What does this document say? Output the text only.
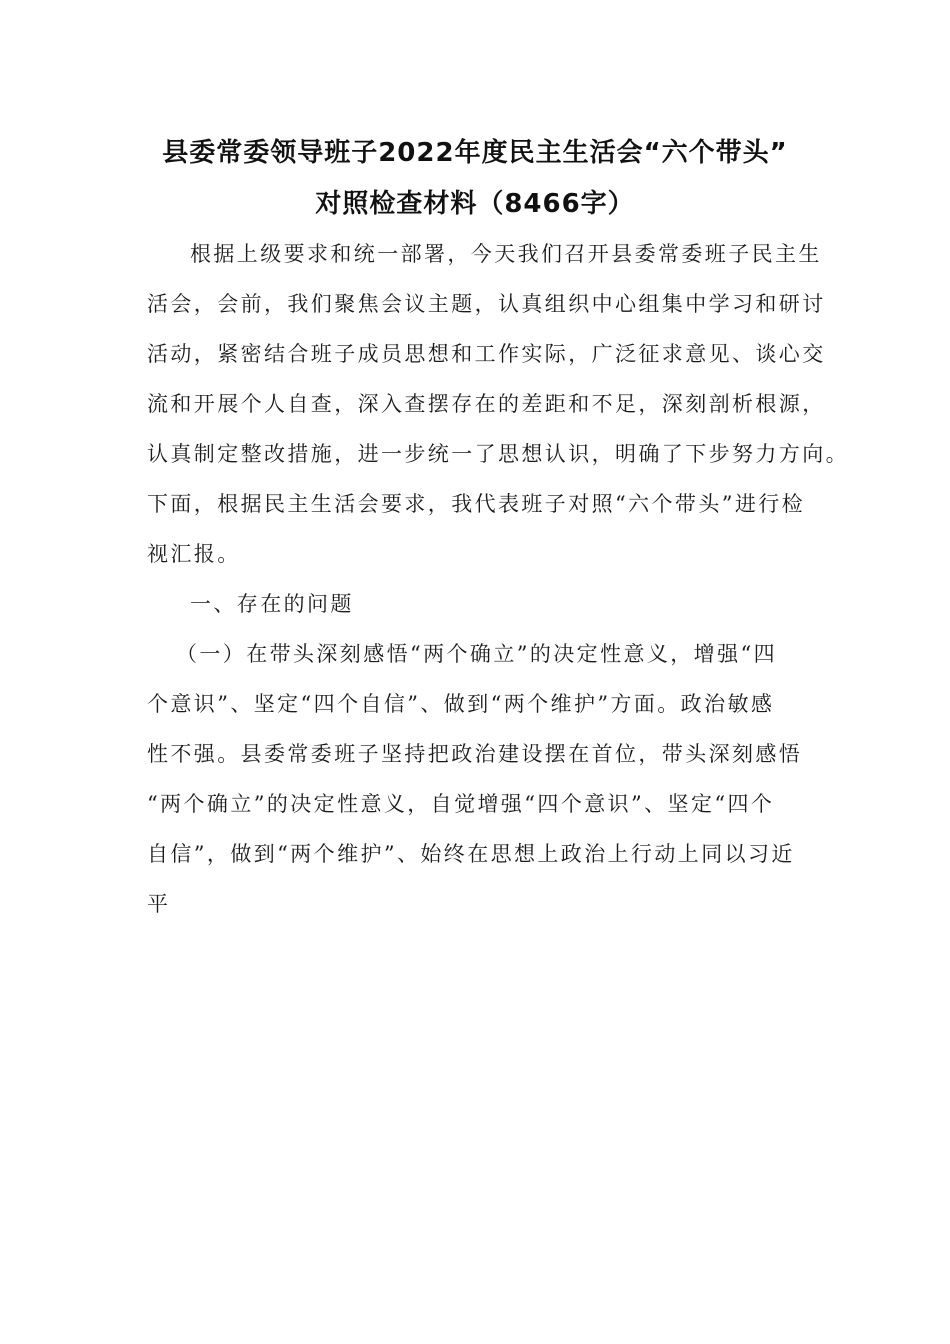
县委常委领导班子2022年度民主生活会“六个带头”
对照检查材料（8466字）
根据上级要求和统一部署，今天我们召开县委常委班子民主生
活会，会前，我们聚焦会议主题，认真组织中心组集中学习和研讨
活动，紧密结合班子成员思想和工作实际，广泛征求意见、谈心交
流和开展个人自查，深入查摆存在的差距和不足，深刻剖析根源，
认真制定整改措施，进一步统一了思想认识，明确了下步努力方向。
下面，根据民主生活会要求，我代表班子对照“六个带头”进行检
视汇报。
一、存在的问题
（一）在带头深刻感悟“两个确立”的决定性意义，增强“四
个意识”、坚定“四个自信”、做到“两个维护”方面。政治敏感
性不强。县委常委班子坚持把政治建设摆在首位，带头深刻感悟
“两个确立”的决定性意义，自觉增强“四个意识”、坚定“四个
自信”，做到“两个维护”、始终在思想上政治上行动上同以习近
平
